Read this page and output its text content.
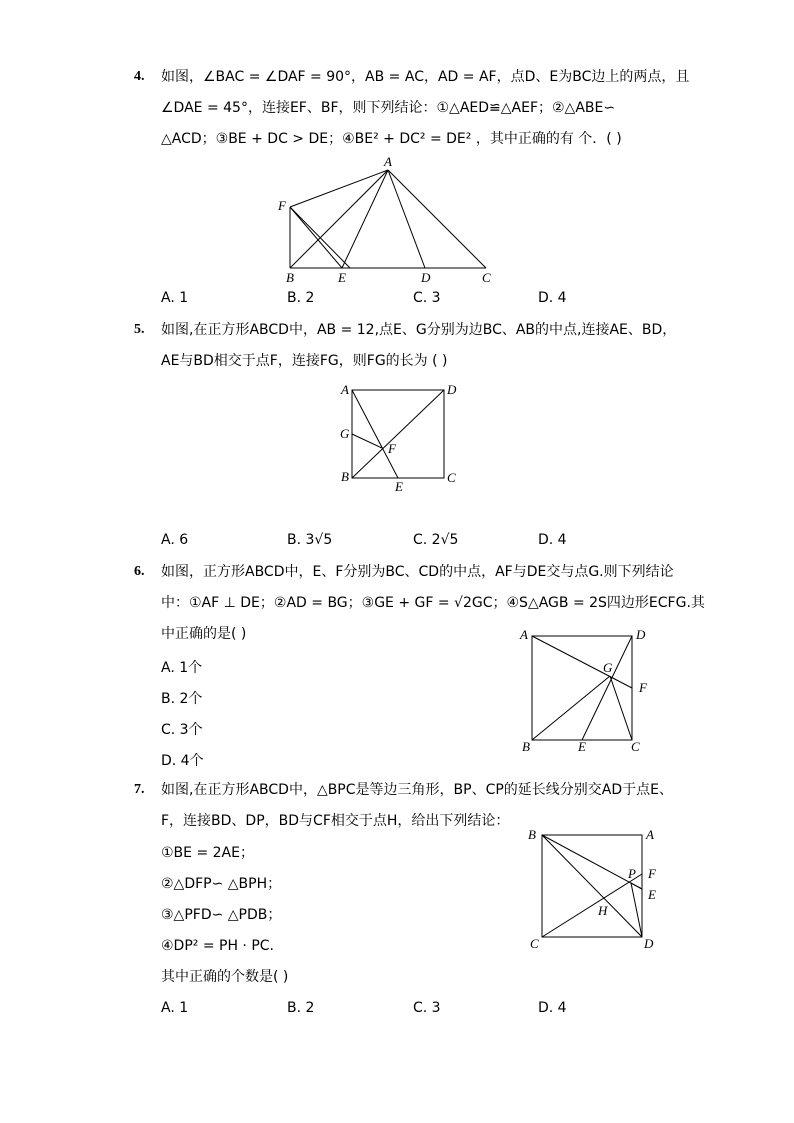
4. 如图，∠BAC = ∠DAF = 90°，AB = AC，AD = AF，点D、E为BC边上的两点，且
∠DAE = 45°，连接EF、BF，则下列结论：①△AED≌△AEF；②△ABE∽
△ACD；③BE + DC > DE；④BE² + DC² = DE² ，其中正确的有 个．( )
A
F
B	E	D	C
A. 1	B. 2	C. 3	D. 4
5. 如图,在正方形ABCD中，AB = 12,点E、G分别为边BC、AB的中点,连接AE、BD，
AE与BD相交于点F，连接FG，则FG的长为 ( )
A	D
G
F
B
E
C
A. 6	B. 3√5	C. 2√5	D. 4
6. 如图，正方形ABCD中，E、F分别为BC、CD的中点，AF与DE交与点G.则下列结论
中：①AF ⊥ DE；②AD = BG；③GE + GF = √2GC；④S△AGB = 2S四边形ECFG.其
中正确的是( )	A	D
G
F
B	E	C
A. 1个
B. 2个
C. 3个
D. 4个
7. 如图,在正方形ABCD中，△BPC是等边三角形，BP、CP的延长线分别交AD于点E、
F，连接BD、DP，BD与CF相交于点H，给出下列结论：
①BE = 2AE；
②△DFP∽ △BPH；
③△PFD∽ △PDB；
④DP² = PH · PC.
其中正确的个数是( )
B	A
P F
E
H
C	D
A. 1	B. 2	C. 3	D. 4
